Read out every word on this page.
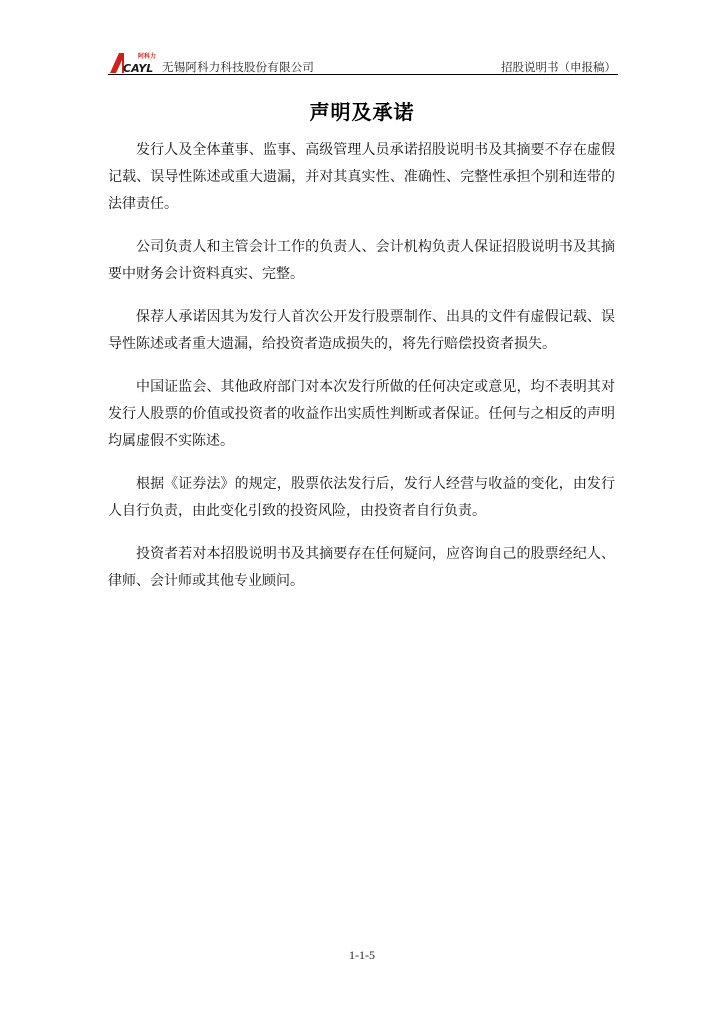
阿科力
CAYL 无锡阿科力科技股份有限公司	招股说明书（申报稿）
声明及承诺

发行人及全体董事、监事、高级管理人员承诺招股说明书及其摘要不存在虚假记载、误导性陈述或重大遗漏，并对其真实性、准确性、完整性承担个别和连带的法律责任。

公司负责人和主管会计工作的负责人、会计机构负责人保证招股说明书及其摘要中财务会计资料真实、完整。

保荐人承诺因其为发行人首次公开发行股票制作、出具的文件有虚假记载、误导性陈述或者重大遗漏，给投资者造成损失的，将先行赔偿投资者损失。

中国证监会、其他政府部门对本次发行所做的任何决定或意见，均不表明其对发行人股票的价值或投资者的收益作出实质性判断或者保证。任何与之相反的声明均属虚假不实陈述。

根据《证券法》的规定，股票依法发行后，发行人经营与收益的变化，由发行人自行负责，由此变化引致的投资风险，由投资者自行负责。

投资者若对本招股说明书及其摘要存在任何疑问，应咨询自己的股票经纪人、律师、会计师或其他专业顾问。

1-1-5
